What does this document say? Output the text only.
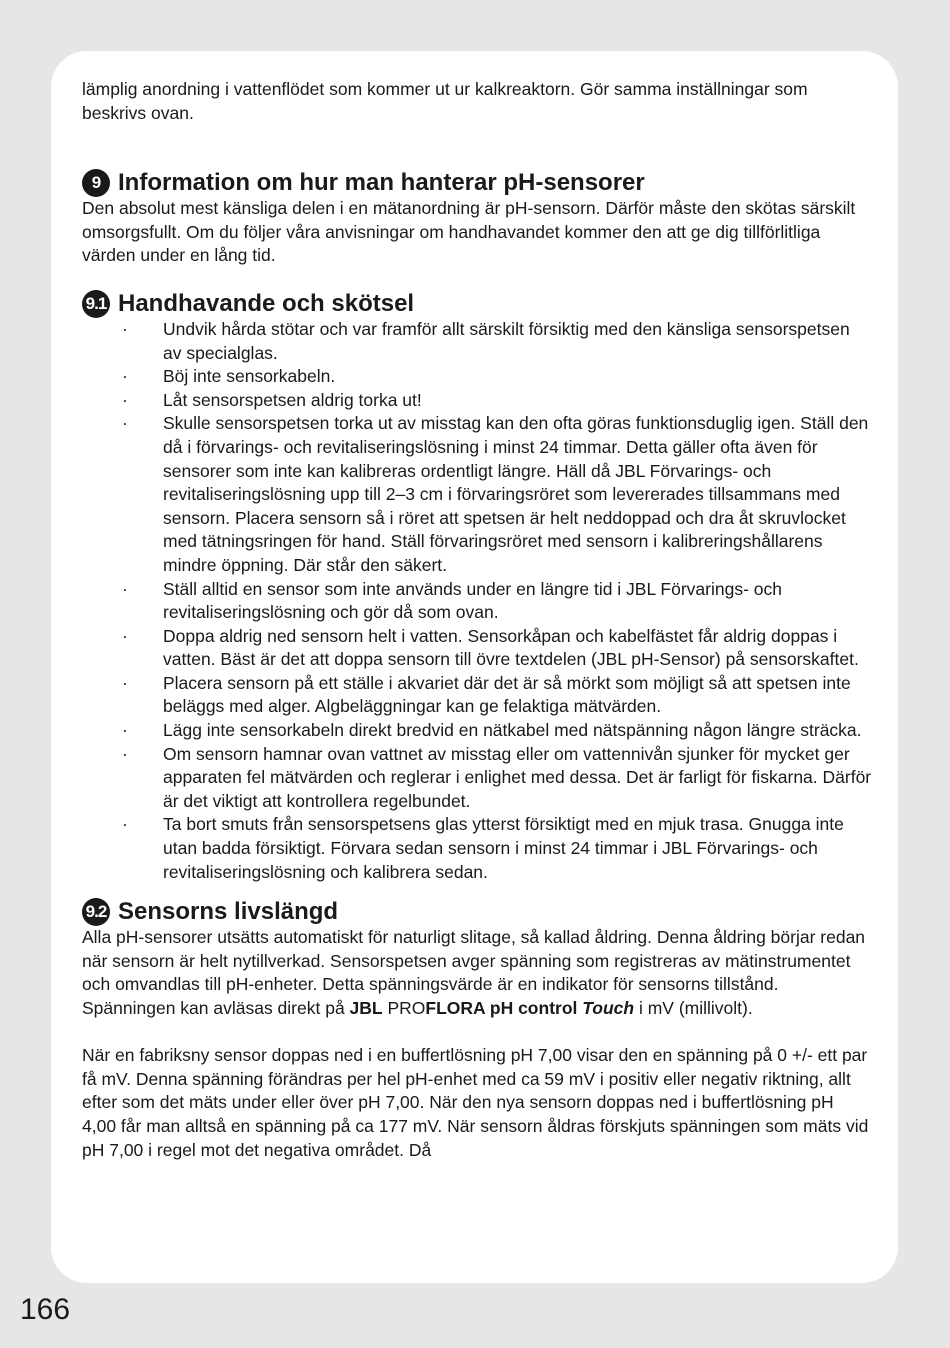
lämplig anordning i vattenflödet som kommer ut ur kalkreaktorn. Gör samma inställningar som beskrivs ovan.

9 Information om hur man hanterar pH-sensorer

Den absolut mest känsliga delen i en mätanordning är pH-sensorn. Därför måste den skötas särskilt omsorgsfullt. Om du följer våra anvisningar om handhavandet kommer den att ge dig tillförlitliga värden under en lång tid.

9.1 Handhavande och skötsel
· Undvik hårda stötar och var framför allt särskilt försiktig med den känsliga sensorspetsen av specialglas.
· Böj inte sensorkabeln.
· Låt sensorspetsen aldrig torka ut!
· Skulle sensorspetsen torka ut av misstag kan den ofta göras funktionsduglig igen. Ställ den då i förvarings- och revitaliseringslösning i minst 24 timmar. Detta gäller ofta även för sensorer som inte kan kalibreras ordentligt längre. Häll då JBL Förvarings- och revitaliseringslösning upp till 2–3 cm i förvaringsröret som levererades tillsammans med sensorn. Placera sensorn så i röret att spetsen är helt neddoppad och dra åt skruvlocket med tätningsringen för hand. Ställ förvaringsröret med sensorn i kalibreringshållarens mindre öppning. Där står den säkert.
· Ställ alltid en sensor som inte används under en längre tid i JBL Förvarings- och revitaliseringslösning och gör då som ovan.
· Doppa aldrig ned sensorn helt i vatten. Sensorkåpan och kabelfästet får aldrig doppas i vatten. Bäst är det att doppa sensorn till övre textdelen (JBL pH-Sensor) på sensorskaftet.
· Placera sensorn på ett ställe i akvariet där det är så mörkt som möjligt så att spetsen inte beläggs med alger. Algbeläggningar kan ge felaktiga mätvärden.
· Lägg inte sensorkabeln direkt bredvid en nätkabel med nätspänning någon längre sträcka.
· Om sensorn hamnar ovan vattnet av misstag eller om vattennivån sjunker för mycket ger apparaten fel mätvärden och reglerar i enlighet med dessa. Det är farligt för fiskarna. Därför är det viktigt att kontrollera regelbundet.
· Ta bort smuts från sensorspetsens glas ytterst försiktigt med en mjuk trasa. Gnugga inte utan badda försiktigt. Förvara sedan sensorn i minst 24 timmar i JBL Förvarings- och revitaliseringslösning och kalibrera sedan.
9.2 Sensorns livslängd

Alla pH-sensorer utsätts automatiskt för naturligt slitage, så kallad åldring. Denna åldring börjar redan när sensorn är helt nytillverkad. Sensorspetsen avger spänning som registreras av mätinstrumentet och omvandlas till pH-enheter. Detta spänningsvärde är en indikator för sensorns tillstånd. Spänningen kan avläsas direkt på JBL PROFLORA pH control Touch i mV (millivolt).

När en fabriksny sensor doppas ned i en buffertlösning pH 7,00 visar den en spänning på 0 +/- ett par få mV. Denna spänning förändras per hel pH-enhet med ca 59 mV i positiv eller negativ riktning, allt efter som det mäts under eller över pH 7,00. När den nya sensorn doppas ned i buffertlösning pH 4,00 får man alltså en spänning på ca 177 mV. När sensorn åldras förskjuts spänningen som mäts vid pH 7,00 i regel mot det negativa området. Då

166
